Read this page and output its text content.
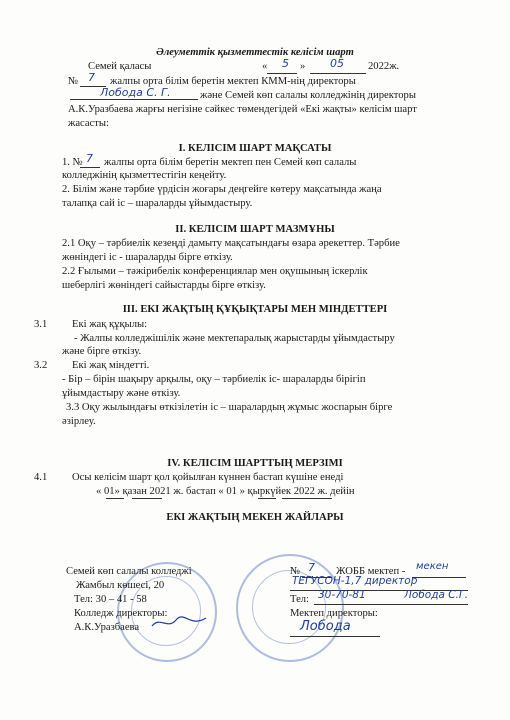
Әлеуметтік қызметтестік келісім шарт
Семей қаласы	« 5 » 05 2022ж.
№ 7 жалпы орта білім беретін мектеп КММ-нің директоры
Лобода С. Г.	және Семей көп салалы колледжінің директоры
А.К.Уразбаева жарғы негізіне сәйкес төмендегідей «Екі жақты» келісім шарт
жасасты:
I. КЕЛІСІМ ШАРТ МАҚСАТЫ
1. № 7 жалпы орта білім беретін мектеп пен Семей көп салалы
колледжінің қызметтестігін кеңейту.
2. Білім және тәрбие үрдісін жоғары деңгейге көтеру мақсатында жаңа
талапқа сай іс – шараларды ұйымдастыру.
II. КЕЛІСІМ ШАРТ МАЗМҰНЫ
2.1 Оқу – тәрбиелік кезеңді дамыту мақсатындағы өзара әрекеттер. Тәрбие
жөніндегі іс - шараларды бірге өткізу.
2.2 Ғылыми – тәжірибелік конференциялар мен оқушының іскерлік
шеберлігі жөніндегі сайыстарды бірге өткізу.
III. ЕКІ ЖАҚТЫҢ ҚҰҚЫҚТАРЫ МЕН МІНДЕТТЕРІ
3.1 Екі жақ құқылы:
- Жалпы колледжішілік және мектепаралық жарыстарды ұйымдастыру
және бірге өткізу.
3.2 Екі жақ міндетті.
- Бір – бірін шақыру арқылы, оқу – тәрбиелік іс- шараларды бірігіп
ұйымдастыру және өткізу.
3.3 Оқу жылындағы өткізілетін іс – шаралардың жұмыс жоспарын бірге
әзірлеу.
IV. КЕЛІСІМ ШАРТТЫҢ МЕРЗІМІ
4.1 Осы келісім шарт қол қойылған күннен бастап күшіне енеді
« 01» қазан 2021 ж. бастап « 01 » қыркүйек 2022 ж. дейін
ЕКІ ЖАҚТЫҢ МЕКЕН ЖАЙЛАРЫ
Семей көп салалы колледжі
Жамбыл көшесі, 20
Тел: 30 – 41 - 58
Колледж директоры:
А.К.Уразбаева
№ 7 ЖОББ мектеп - мекен
ТЕГУСОН-1,7 директор
Тел: 30-70-81	Лобода С.Г.
Мектеп директоры:
Лобода
